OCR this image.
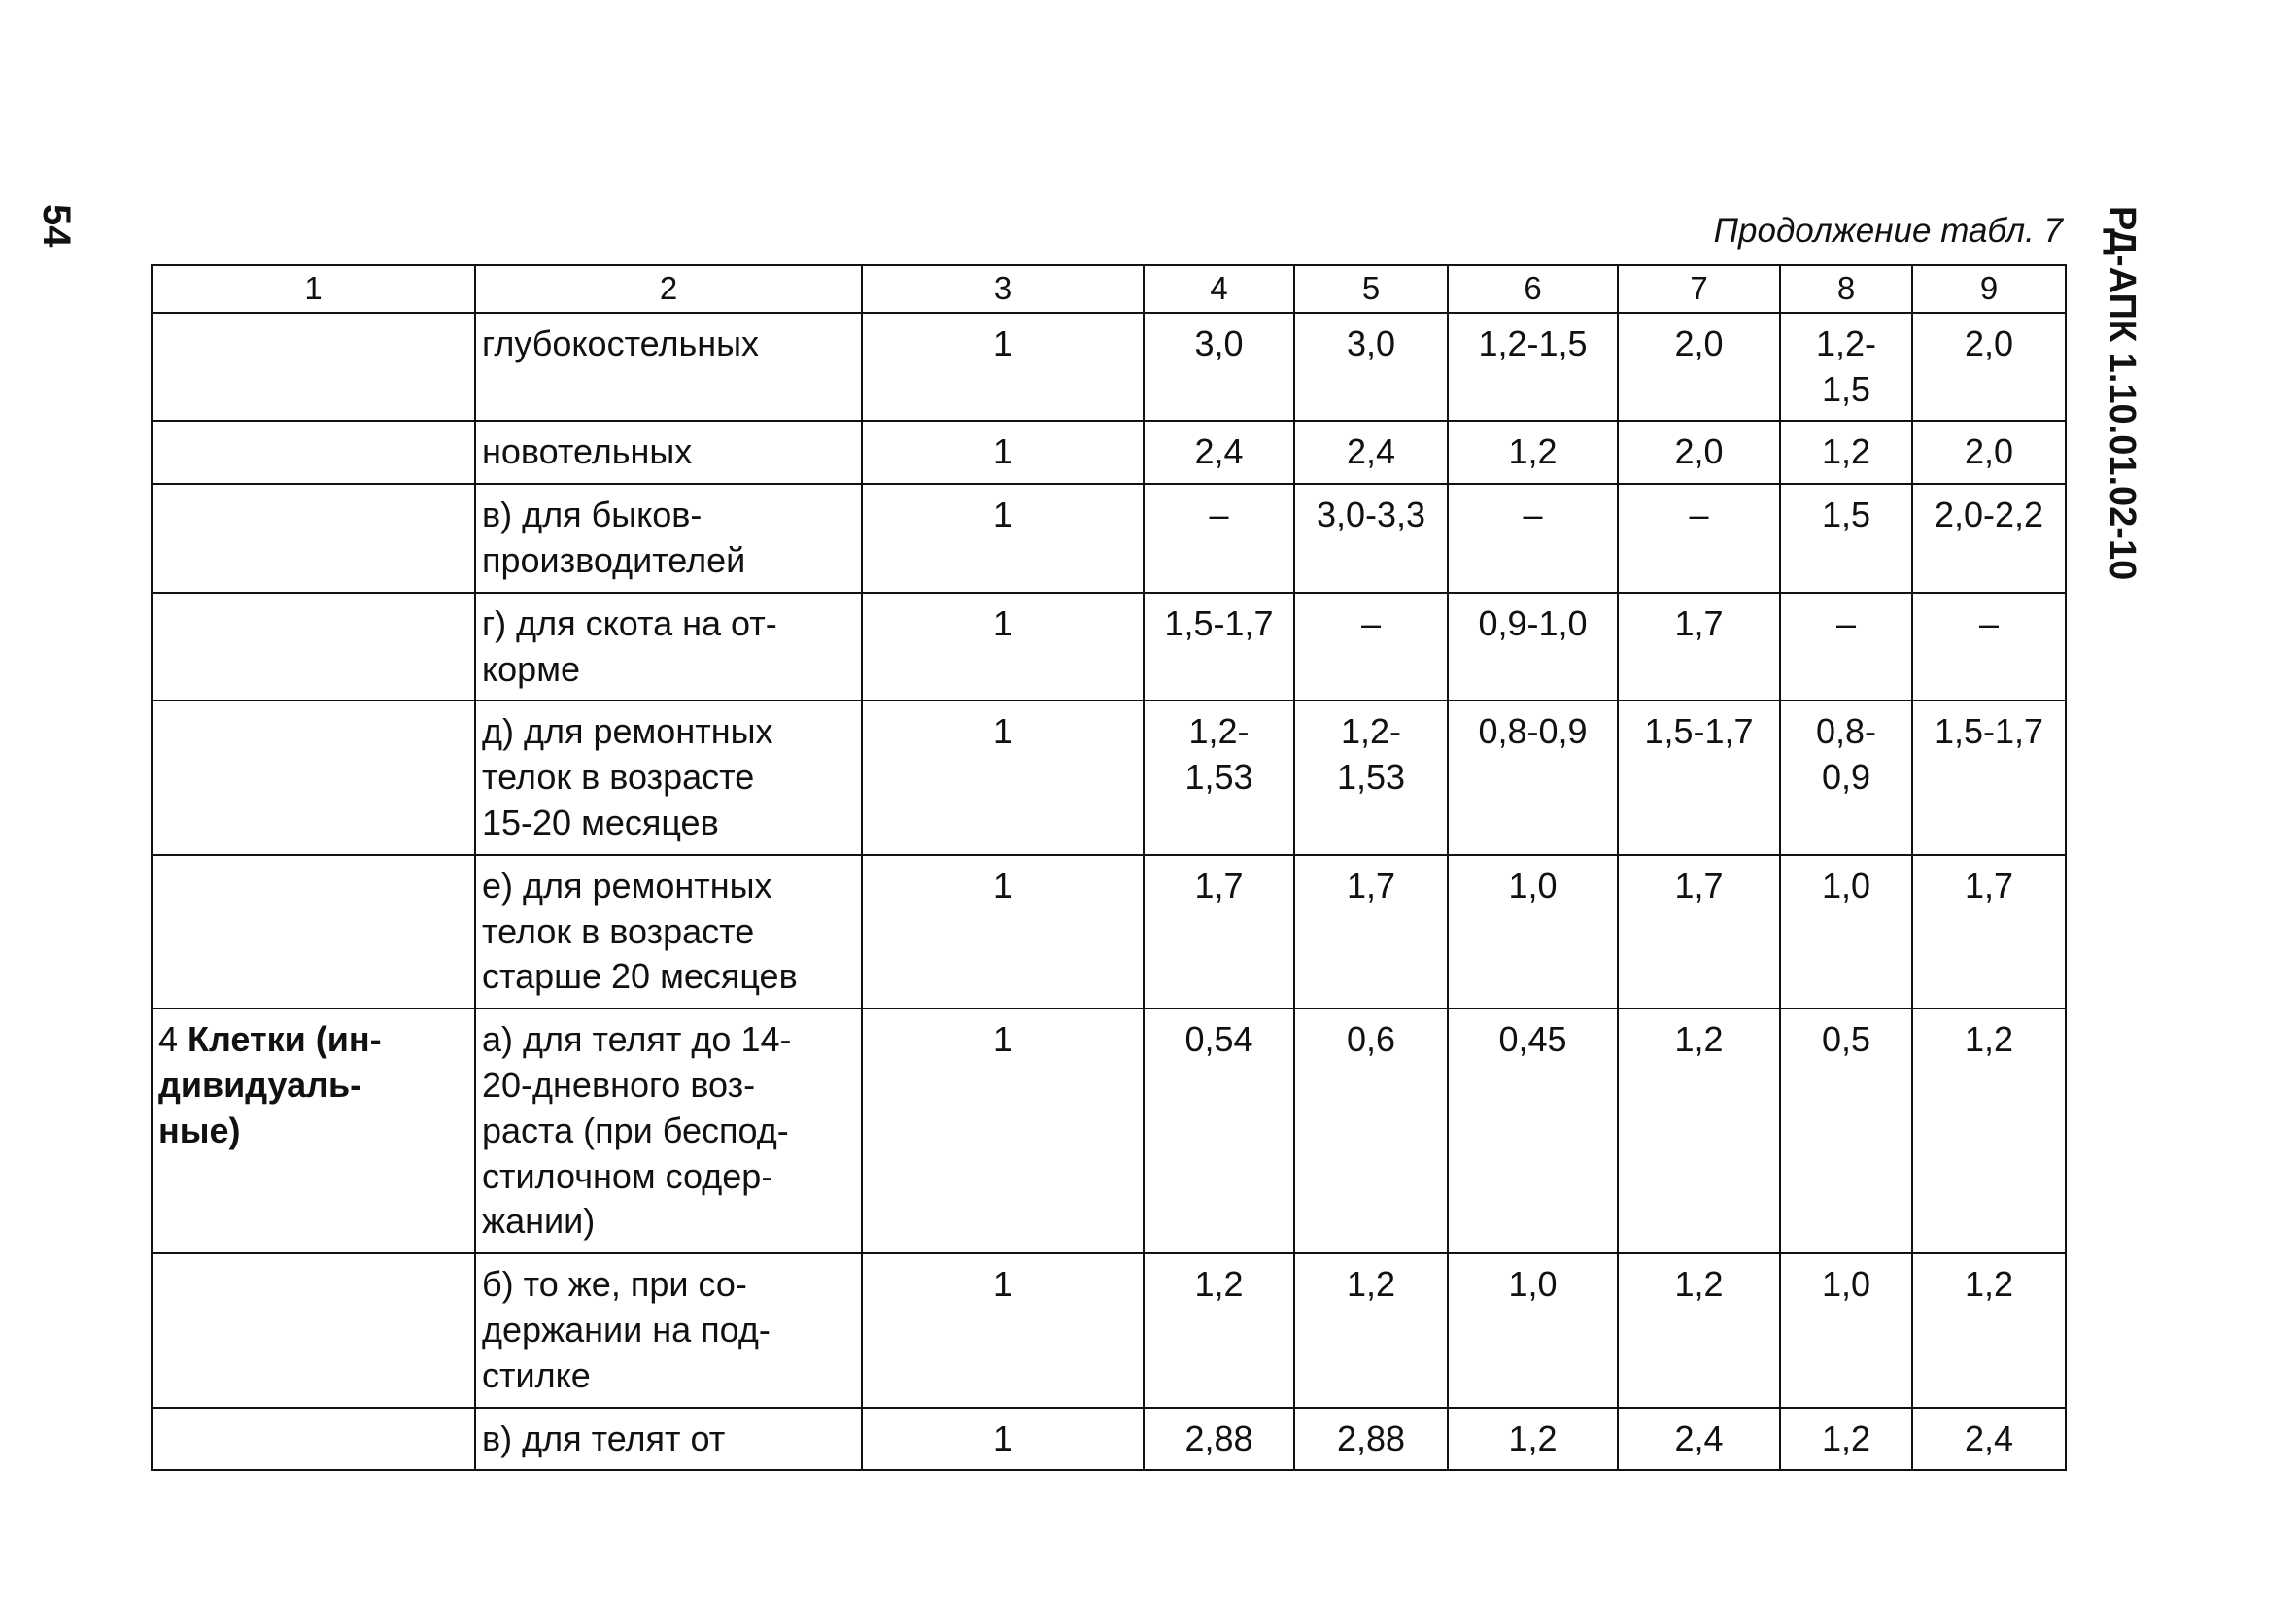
54	РД-АПК 1.10.01.02-10
Продолжение табл. 7
1	2	3	4	5	6	7	8	9
	глубокостельных	1	3,0	3,0	1,2-1,5	2,0	1,2-
1,5	2,0
	новотельных	1	2,4	2,4	1,2	2,0	1,2	2,0
	в) для быков-
производителей	1	–	3,0-3,3	–	–	1,5	2,0-2,2
	г) для скота на от-
корме	1	1,5-1,7	–	0,9-1,0	1,7	–	–
	д) для ремонтных
телок в возрасте
15-20 месяцев	1	1,2-
1,53	1,2-
1,53	0,8-0,9	1,5-1,7	0,8-
0,9	1,5-1,7
	е) для ремонтных
телок в возрасте
старше 20 месяцев	1	1,7	1,7	1,0	1,7	1,0	1,7
4 Клетки (ин-
дивидуаль-
ные)	а) для телят до 14-
20-дневного воз-
раста (при беспод-
стилочном содер-
жании)	1	0,54	0,6	0,45	1,2	0,5	1,2
	б) то же, при со-
держании на под-
стилке	1	1,2	1,2	1,0	1,2	1,0	1,2
	в) для телят от	1	2,88	2,88	1,2	2,4	1,2	2,4
